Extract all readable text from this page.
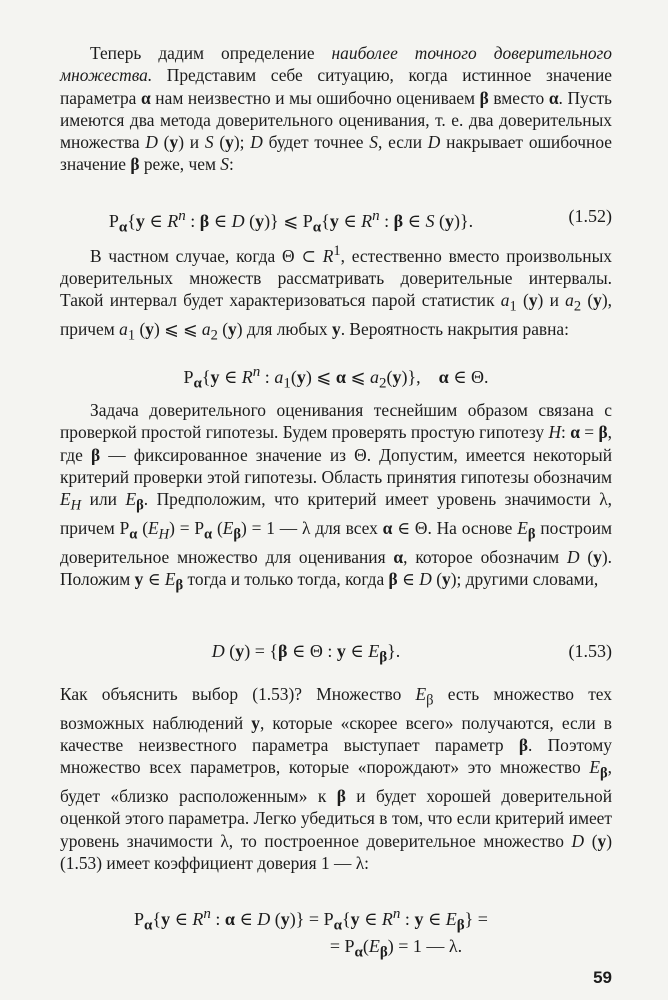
Теперь дадим определение наиболее точного доверительного множества. Представим себе ситуацию, когда истинное значение параметра α нам неизвестно и мы ошибочно оцениваем β вместо α. Пусть имеются два метода доверительного оценивания, т. е. два доверительных множества D (y) и S (y); D будет точнее S, если D накрывает ошибочное значение β реже, чем S:

$P_\alpha\{y$ ∈ $R^n$ : β ∈ D (y)} ⩽ $P_\alpha\{y$ ∈ $R^n$ : β ∈ S (y)}.	(1.52)

В частном случае, когда Θ ⊂ $R^1$, естественно вместо произвольных доверительных множеств рассматривать доверительные интервалы. Такой интервал будет характеризоваться парой статистик $a_1$ (y) и $a_2$ (y), причем $a_1$ (y) ⩽ ⩽ $a_2$ (y) для любых y. Вероятность накрытия равна:

$P_\alpha\{y$ ∈ $R^n$ : $a_1(y)$ ⩽ α ⩽ $a_2(y)$},    α ∈ Θ.

Задача доверительного оценивания теснейшим образом связана с проверкой простой гипотезы. Будем проверять простую гипотезу H: α = β, где β — фиксированное значение из Θ. Допустим, имеется некоторый критерий проверки этой гипотезы. Область принятия гипотезы обозначим $E_H$ или $E_\beta$. Предположим, что критерий имеет уровень значимости λ, причем $P_\alpha$ $(E_H) = P_\alpha$ $(E_\beta) = 1$ — λ для всех α ∈ Θ. На основе $E_\beta$ построим доверительное множество для оценивания α, которое обозначим D (y). Положим y ∈ $E_\beta$ тогда и только тогда, когда β ∈ D (y); другими словами,

D (y) = {β ∈ Θ : y ∈ $E_\beta$}.	(1.53)

Как объяснить выбор (1.53)? Множество $E_\beta$ есть множество тех возможных наблюдений y, которые «скорее всего» получаются, если в качестве неизвестного параметра выступает параметр β. Поэтому множество всех параметров, которые «порождают» это множество $E_\beta$, будет «близко расположенным» к β и будет хорошей доверительной оценкой этого параметра. Легко убедиться в том, что если критерий имеет уровень значимости λ, то построенное доверительное множество D (y) (1.53) имеет коэффициент доверия 1 — λ:

$P_\alpha\{y$ ∈ $R^n$ : α ∈ D $(y)\} = P_\alpha\{y$ ∈ $R^n$ : y ∈ $E_\beta$} =
= $P_\alpha(E_\beta) = 1$ — λ.
59
